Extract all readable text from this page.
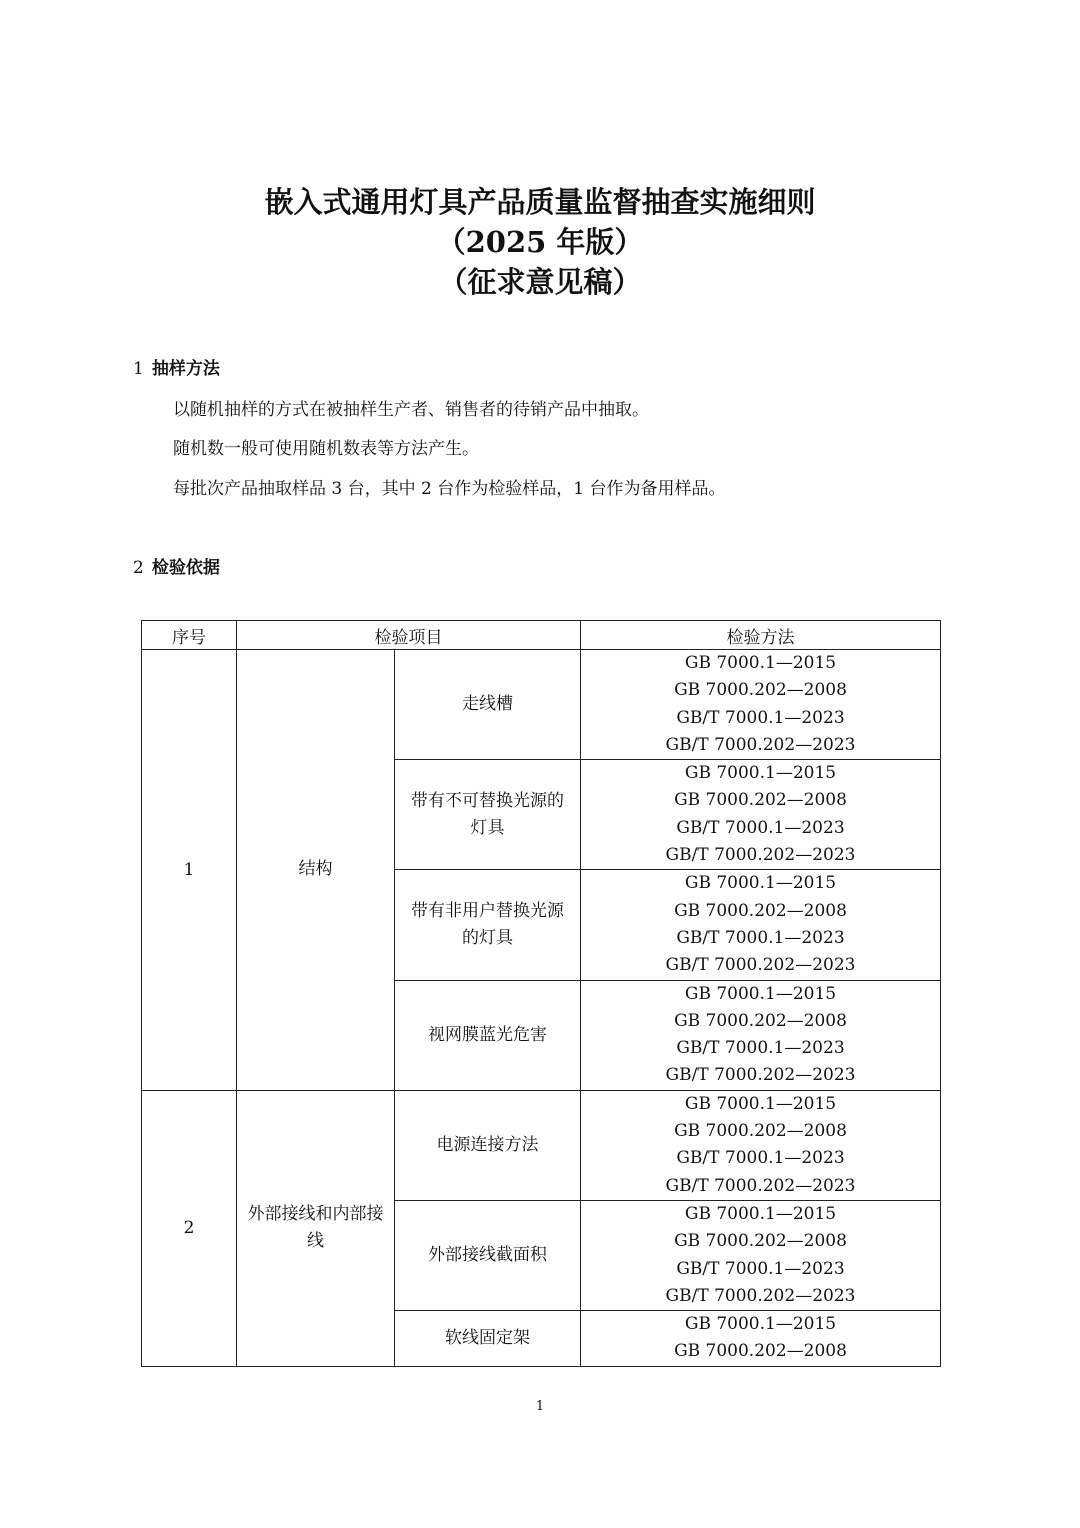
嵌入式通用灯具产品质量监督抽查实施细则
（2025 年版）
（征求意见稿）
1 抽样方法
以随机抽样的方式在被抽样生产者、销售者的待销产品中抽取。
随机数一般可使用随机数表等方法产生。
每批次产品抽取样品 3 台，其中 2 台作为检验样品，1 台作为备用样品。
2 检验依据
序号	检验项目		检验方法
1	结构	走线槽	GB 7000.1—2015
GB 7000.202—2008
GB/T 7000.1—2023
GB/T 7000.202—2023

		带有不可替换光源的灯具	GB 7000.1—2015
GB 7000.202—2008
GB/T 7000.1—2023
GB/T 7000.202—2023

		带有非用户替换光源的灯具	GB 7000.1—2015
GB 7000.202—2008
GB/T 7000.1—2023
GB/T 7000.202—2023

		视网膜蓝光危害	GB 7000.1—2015
GB 7000.202—2008
GB/T 7000.1—2023
GB/T 7000.202—2023

2	外部接线和内部接线	电源连接方法	GB 7000.1—2015
GB 7000.202—2008
GB/T 7000.1—2023
GB/T 7000.202—2023

		外部接线截面积	GB 7000.1—2015
GB 7000.202—2008
GB/T 7000.1—2023
GB/T 7000.202—2023

		软线固定架	GB 7000.1—2015
GB 7000.202—2008
1
